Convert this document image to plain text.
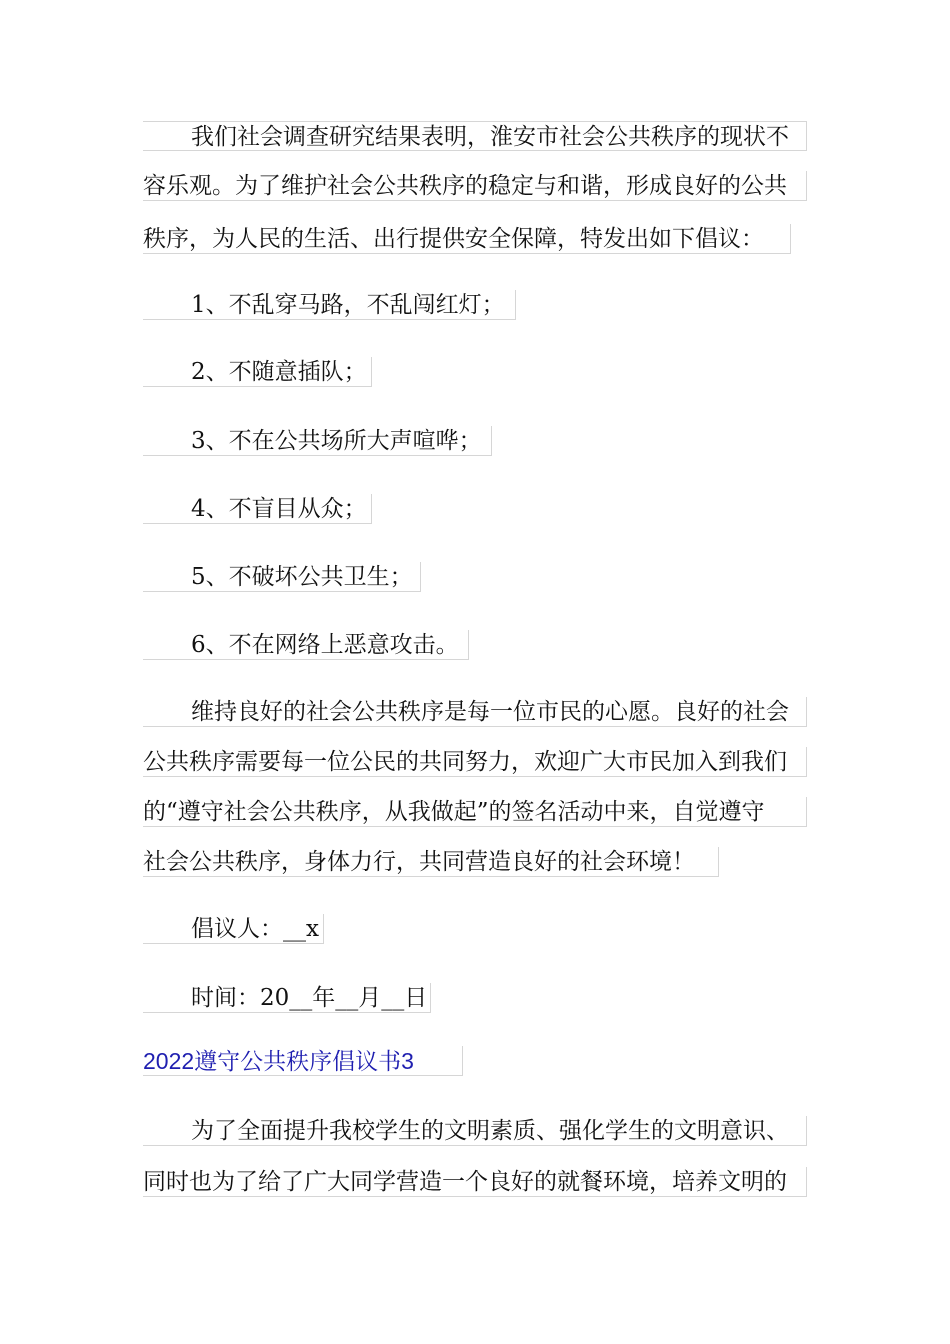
我们社会调查研究结果表明，淮安市社会公共秩序的现状不
容乐观。为了维护社会公共秩序的稳定与和谐，形成良好的公共
秩序，为人民的生活、出行提供安全保障，特发出如下倡议：
1、不乱穿马路，不乱闯红灯；
2、不随意插队；
3、不在公共场所大声喧哗；
4、不盲目从众；
5、不破坏公共卫生；
6、不在网络上恶意攻击。
维持良好的社会公共秩序是每一位市民的心愿。良好的社会
公共秩序需要每一位公民的共同努力，欢迎广大市民加入到我们
的“遵守社会公共秩序，从我做起”的签名活动中来，自觉遵守
社会公共秩序，身体力行，共同营造良好的社会环境！
倡议人：__x
时间：20__年__月__日
2022遵守公共秩序倡议书3
为了全面提升我校学生的文明素质、强化学生的文明意识、
同时也为了给了广大同学营造一个良好的就餐环境，培养文明的
